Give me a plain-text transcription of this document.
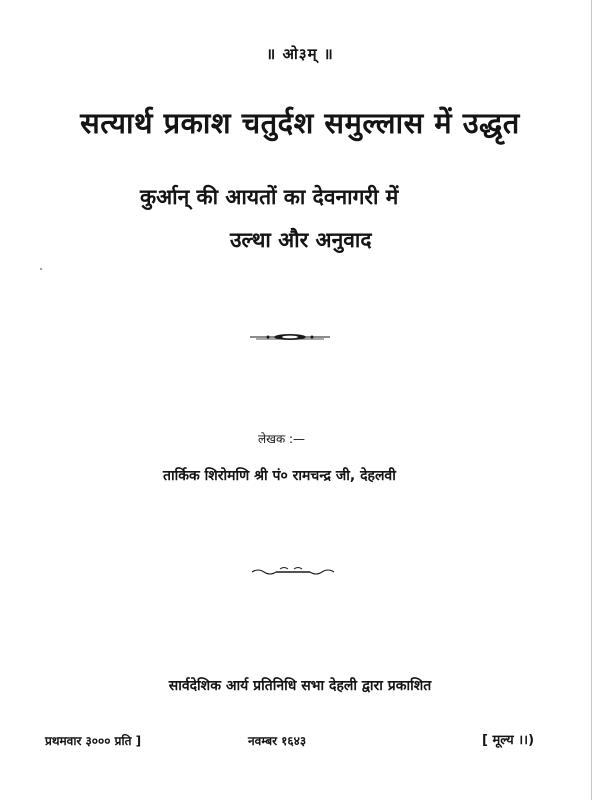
॥ ओ३म् ॥
सत्यार्थ प्रकाश चतुर्दश समुल्लास में उद्धृत
कुर्आन् की आयतों का देवनागरी में
उल्था और अनुवाद
लेखक :—
तार्किक शिरोमणि श्री पं० रामचन्द्र जी, देहलवी
सार्वदेशिक आर्य प्रतिनिधि सभा देहली द्वारा प्रकाशित
प्रथमवार ३००० प्रति ]	नवम्बर १६४३	[ मूल्य ।।)
